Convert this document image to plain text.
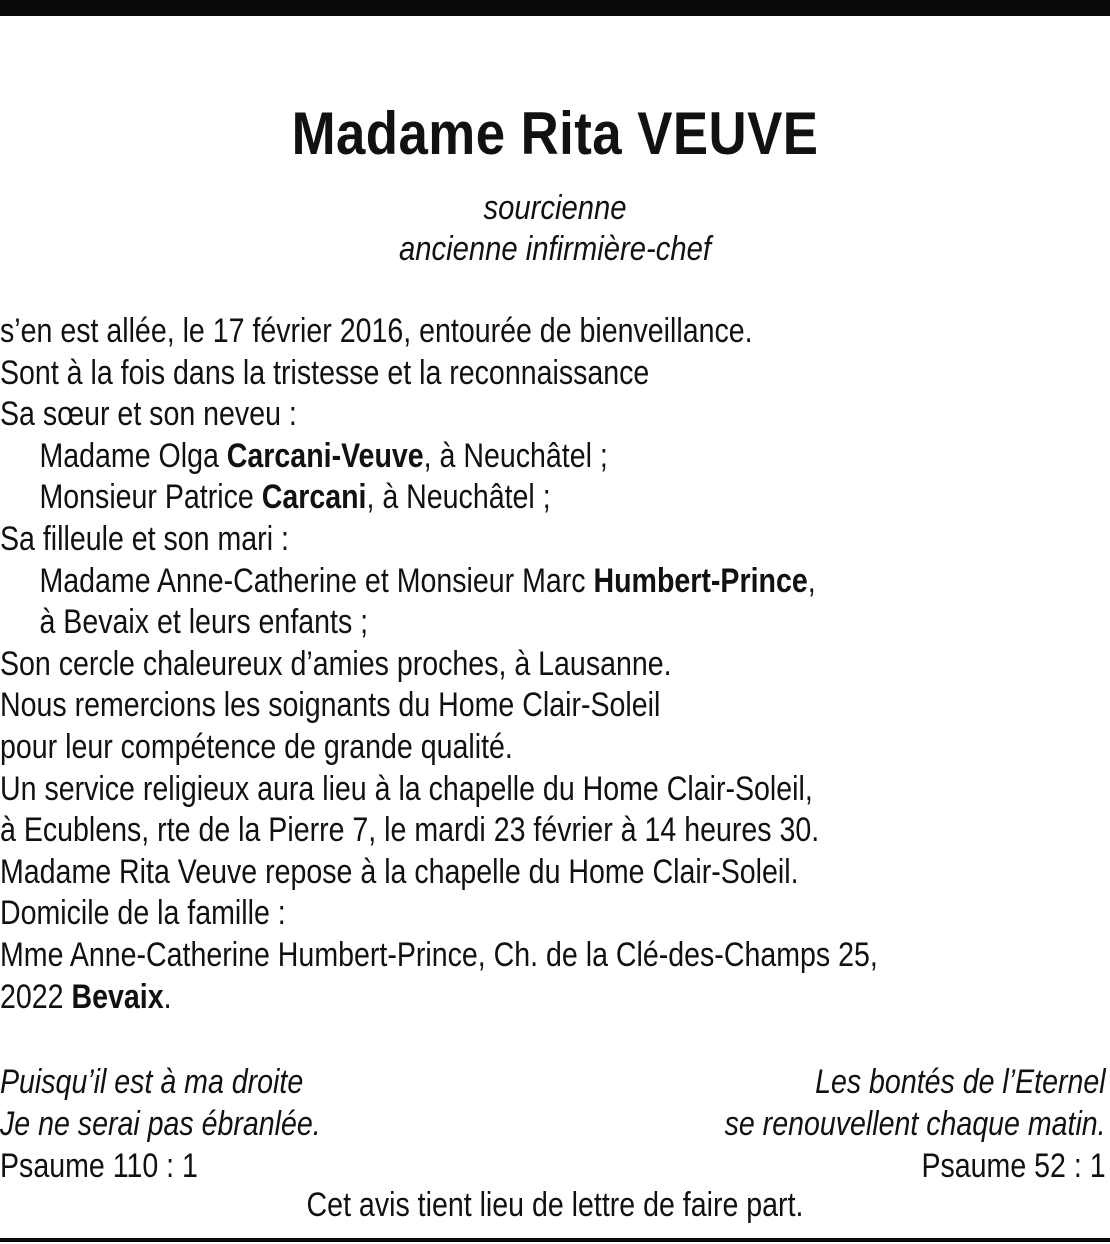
Madame Rita VEUVE
sourcienne
ancienne infirmière-chef
s’en est allée, le 17 février 2016, entourée de bienveillance.
Sont à la fois dans la tristesse et la reconnaissance
Sa sœur et son neveu :
Madame Olga Carcani-Veuve, à Neuchâtel ;
Monsieur Patrice Carcani, à Neuchâtel ;
Sa filleule et son mari :
Madame Anne-Catherine et Monsieur Marc Humbert-Prince,
à Bevaix et leurs enfants ;
Son cercle chaleureux d’amies proches, à Lausanne.
Nous remercions les soignants du Home Clair-Soleil
pour leur compétence de grande qualité.
Un service religieux aura lieu à la chapelle du Home Clair-Soleil,
à Ecublens, rte de la Pierre 7, le mardi 23 février à 14 heures 30.
Madame Rita Veuve repose à la chapelle du Home Clair-Soleil.
Domicile de la famille :
Mme Anne-Catherine Humbert-Prince, Ch. de la Clé-des-Champs 25,
2022 Bevaix.
Puisqu’il est à ma droite
Je ne serai pas ébranlée.
Psaume 110 : 1
Les bontés de l’Eternel
se renouvellent chaque matin.
Psaume 52 : 1
Cet avis tient lieu de lettre de faire part.
